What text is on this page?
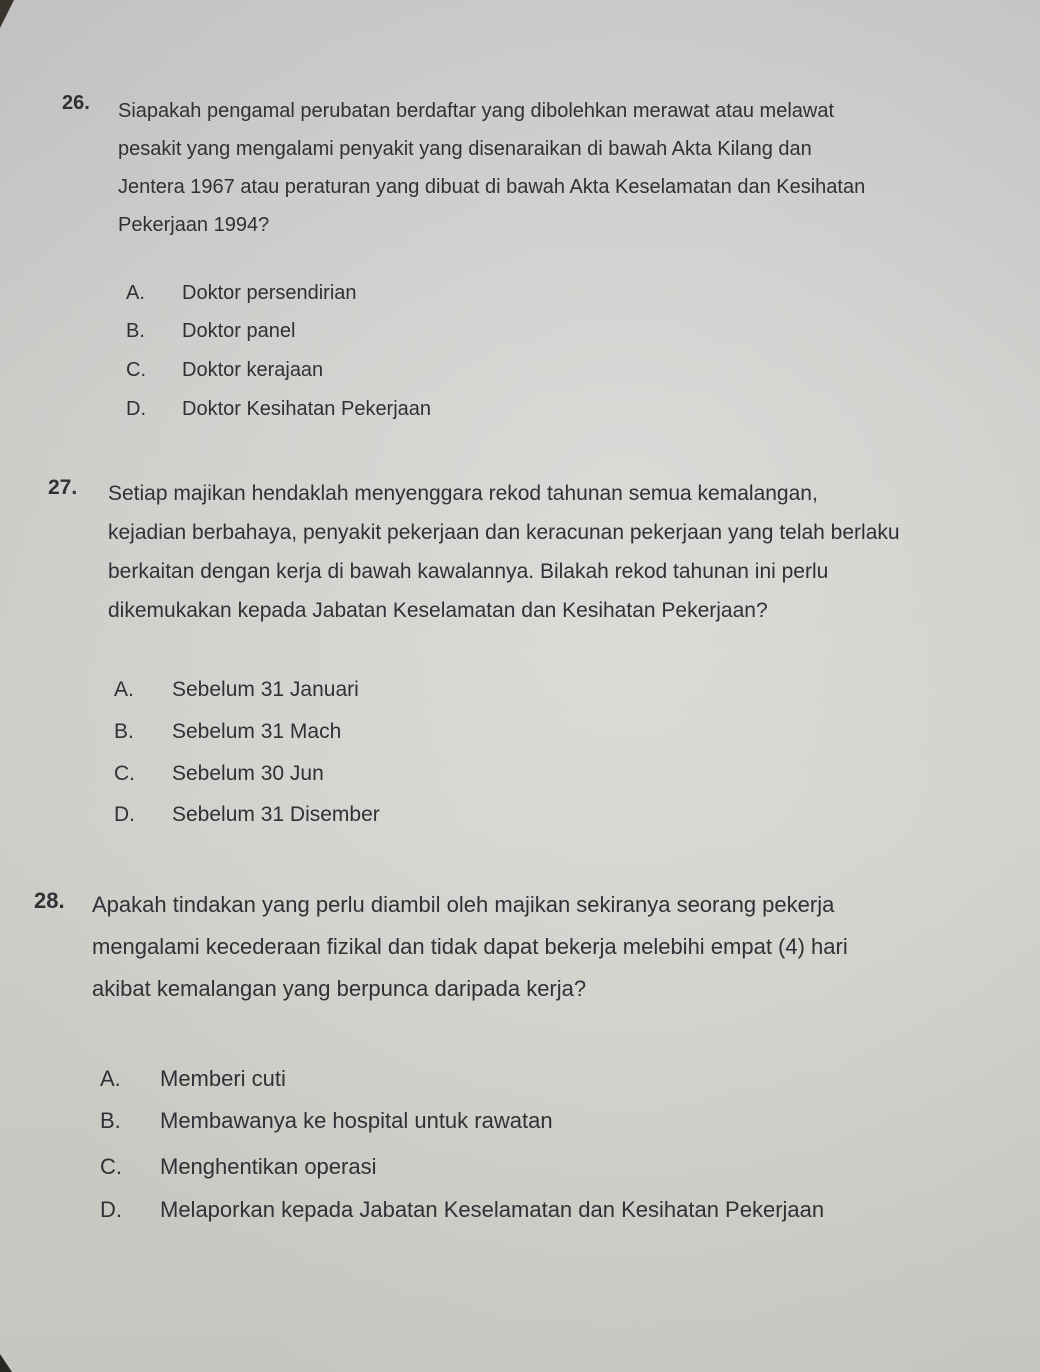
26. Siapakah pengamal perubatan berdaftar yang dibolehkan merawat atau melawat
pesakit yang mengalami penyakit yang disenaraikan di bawah Akta Kilang dan
Jentera 1967 atau peraturan yang dibuat di bawah Akta Keselamatan dan Kesihatan
Pekerjaan 1994?
A. Doktor persendirian
B. Doktor panel
C. Doktor kerajaan
D. Doktor Kesihatan Pekerjaan
27. Setiap majikan hendaklah menyenggara rekod tahunan semua kemalangan,
kejadian berbahaya, penyakit pekerjaan dan keracunan pekerjaan yang telah berlaku
berkaitan dengan kerja di bawah kawalannya. Bilakah rekod tahunan ini perlu
dikemukakan kepada Jabatan Keselamatan dan Kesihatan Pekerjaan?
A. Sebelum 31 Januari
B. Sebelum 31 Mach
C. Sebelum 30 Jun
D. Sebelum 31 Disember
28. Apakah tindakan yang perlu diambil oleh majikan sekiranya seorang pekerja
mengalami kecederaan fizikal dan tidak dapat bekerja melebihi empat (4) hari
akibat kemalangan yang berpunca daripada kerja?
A. Memberi cuti
B. Membawanya ke hospital untuk rawatan
C. Menghentikan operasi
D. Melaporkan kepada Jabatan Keselamatan dan Kesihatan Pekerjaan
